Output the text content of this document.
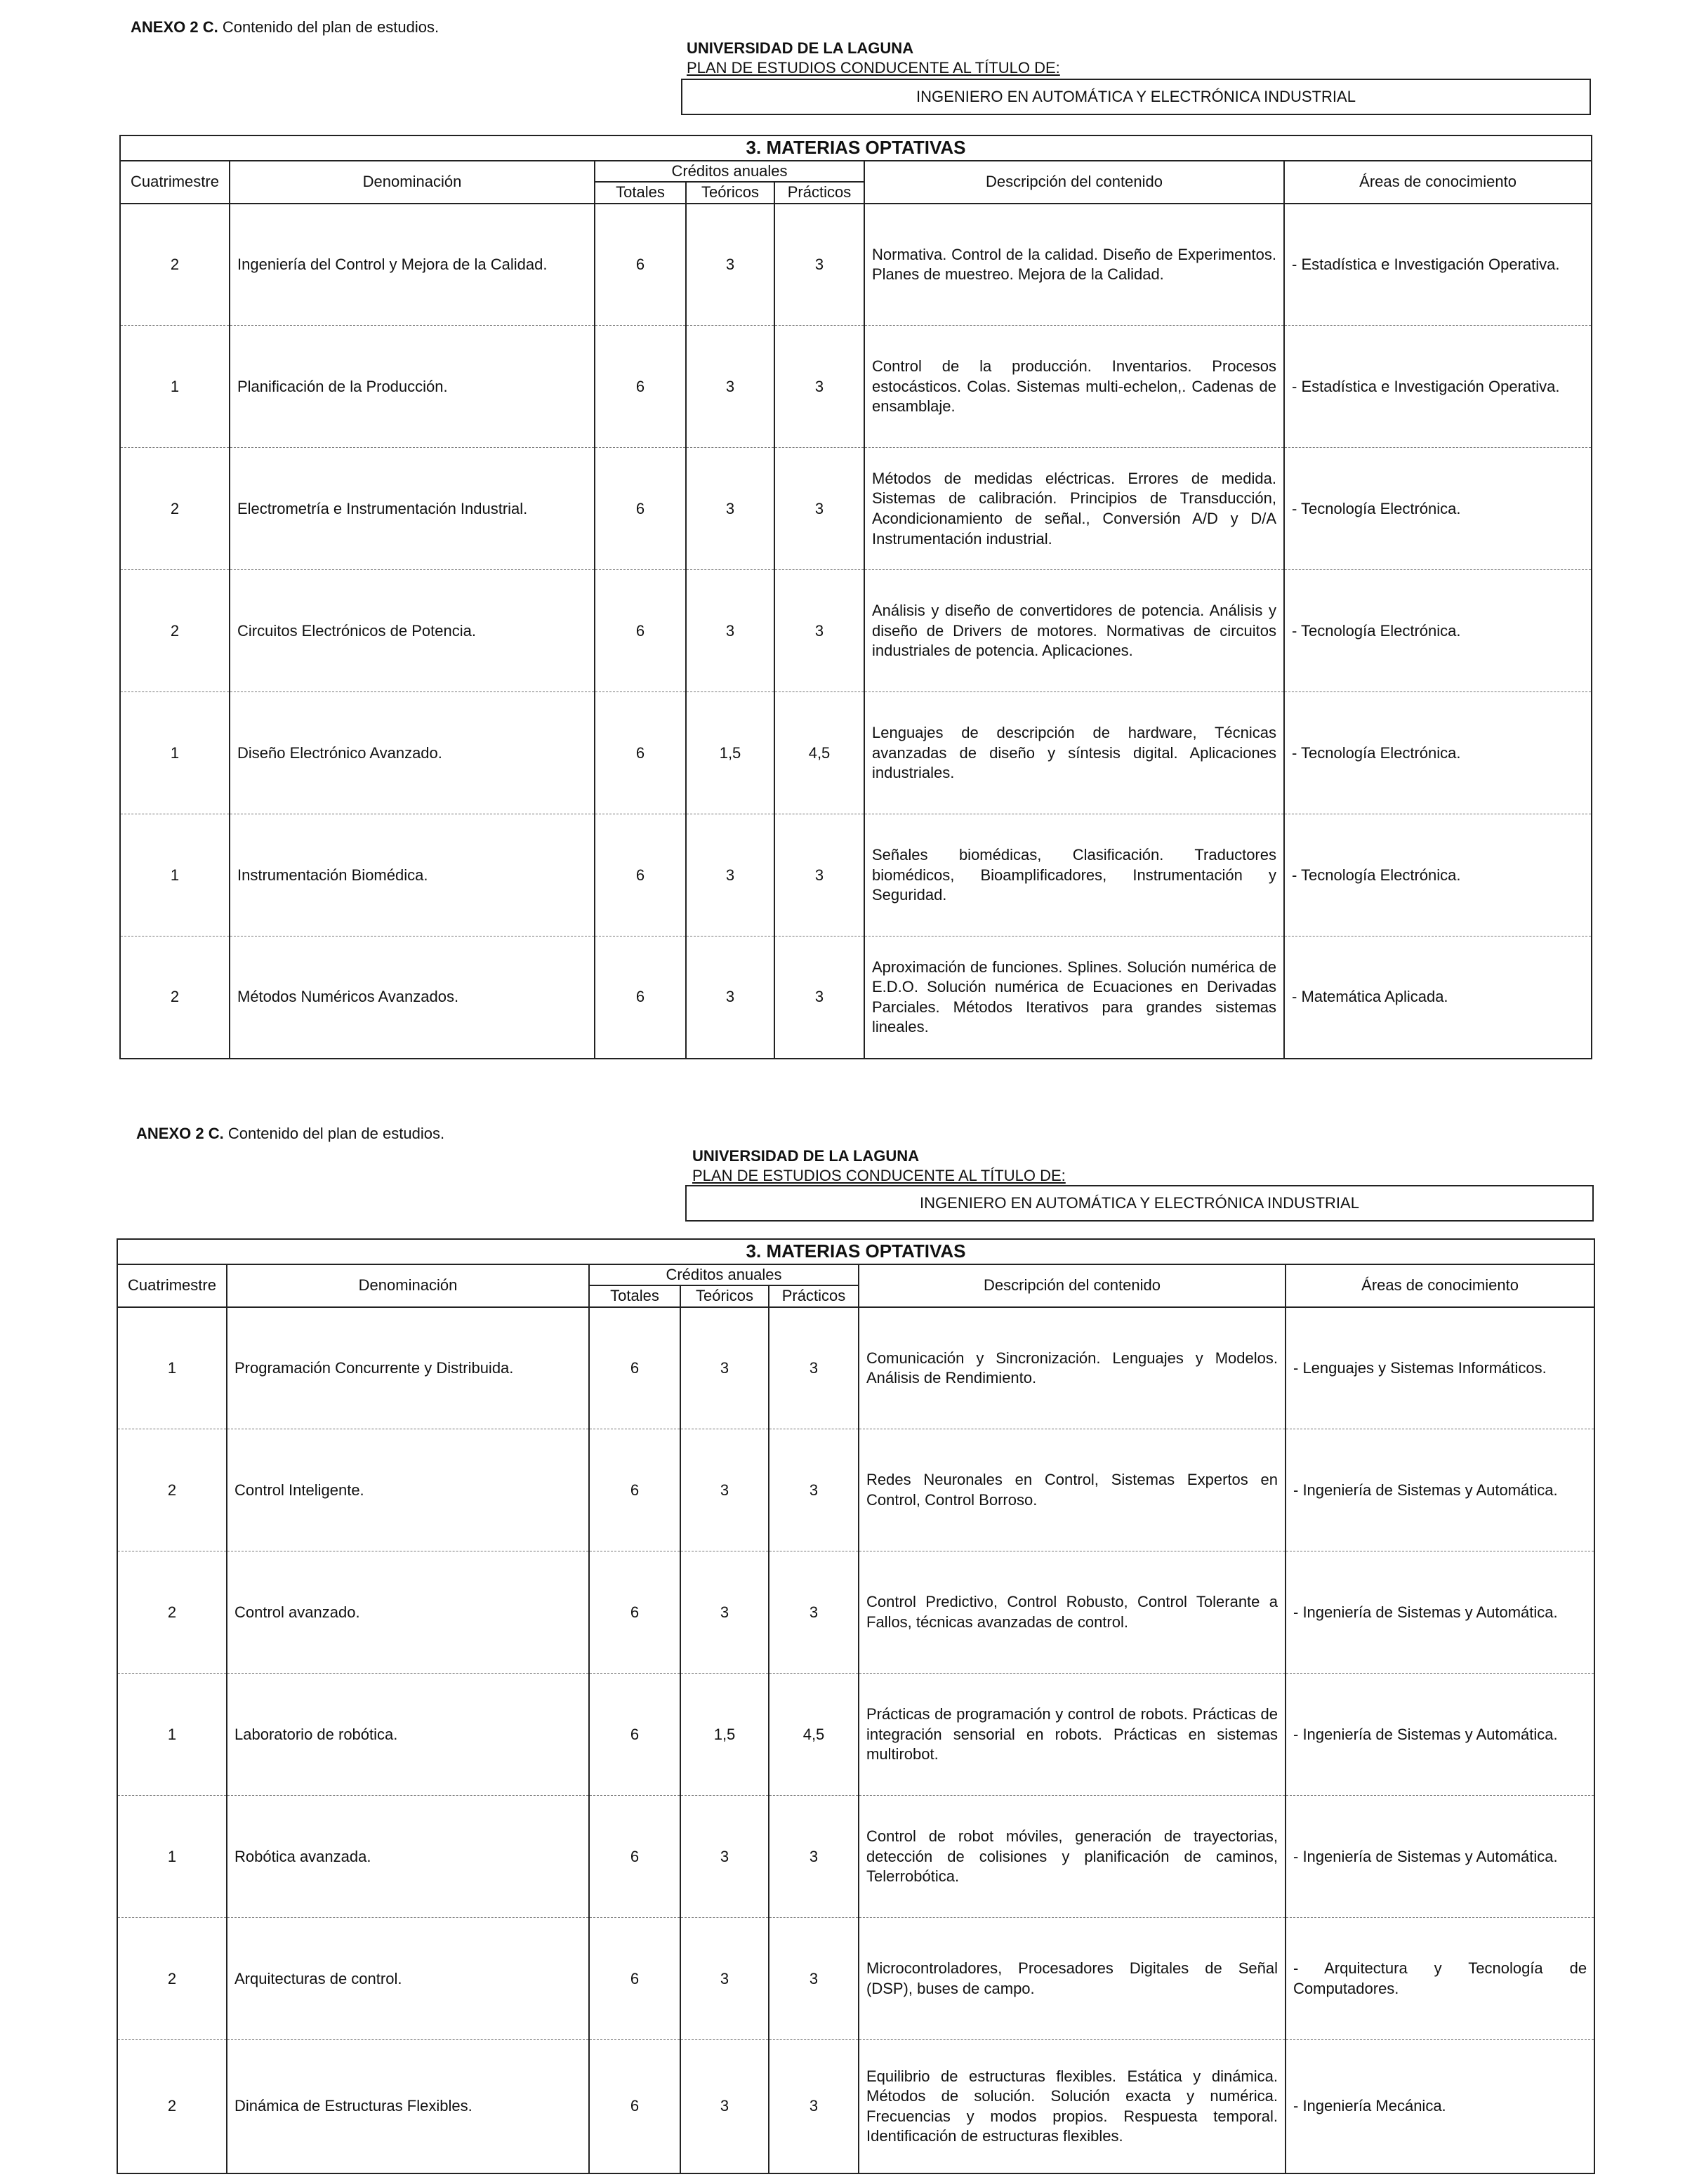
ANEXO 2 C. Contenido del plan de estudios.
UNIVERSIDAD DE LA LAGUNA
PLAN DE ESTUDIOS CONDUCENTE AL TÍTULO DE:
INGENIERO EN AUTOMÁTICA Y ELECTRÓNICA INDUSTRIAL
3. MATERIAS OPTATIVAS						
Cuatrimestre	Denominación	Créditos anuales			Descripción del contenido	Áreas de conocimiento
		Totales	Teóricos	Prácticos		
2	Ingeniería del Control y Mejora de la Calidad.	6	3	3	Normativa. Control de la calidad. Diseño de Experimentos. Planes de muestreo. Mejora de la Calidad.	- Estadística e Investigación Operativa.
1	Planificación de la Producción.	6	3	3	Control de la producción. Inventarios. Procesos estocásticos. Colas. Sistemas multi-echelon,. Cadenas de ensamblaje.	- Estadística e Investigación Operativa.
2	Electrometría e Instrumentación Industrial.	6	3	3	Métodos de medidas eléctricas. Errores de medida. Sistemas de calibración. Principios de Transducción, Acondicionamiento de señal., Conversión A/D y D/A Instrumentación industrial.	- Tecnología Electrónica.
2	Circuitos Electrónicos de Potencia.	6	3	3	Análisis y diseño de convertidores de potencia. Análisis y diseño de Drivers de motores. Normativas de circuitos industriales de potencia. Aplicaciones.	- Tecnología Electrónica.
1	Diseño Electrónico Avanzado.	6	1,5	4,5	Lenguajes de descripción de hardware, Técnicas avanzadas de diseño y síntesis digital. Aplicaciones industriales.	- Tecnología Electrónica.
1	Instrumentación Biomédica.	6	3	3	Señales biomédicas, Clasificación. Traductores biomédicos, Bioamplificadores, Instrumentación y Seguridad.	- Tecnología Electrónica.
2	Métodos Numéricos Avanzados.	6	3	3	Aproximación de funciones. Splines. Solución numérica de E.D.O. Solución numérica de Ecuaciones en Derivadas Parciales. Métodos Iterativos para grandes sistemas lineales.	- Matemática Aplicada.
ANEXO 2 C. Contenido del plan de estudios.
UNIVERSIDAD DE LA LAGUNA
PLAN DE ESTUDIOS CONDUCENTE AL TÍTULO DE:
INGENIERO EN AUTOMÁTICA Y ELECTRÓNICA INDUSTRIAL
3. MATERIAS OPTATIVAS						
Cuatrimestre	Denominación	Créditos anuales			Descripción del contenido	Áreas de conocimiento
		Totales	Teóricos	Prácticos		
1	Programación Concurrente y Distribuida.	6	3	3	Comunicación y Sincronización. Lenguajes y Modelos. Análisis de Rendimiento.	- Lenguajes y Sistemas Informáticos.
2	Control Inteligente.	6	3	3	Redes Neuronales en Control, Sistemas Expertos en Control, Control Borroso.	- Ingeniería de Sistemas y Automática.
2	Control avanzado.	6	3	3	Control Predictivo, Control Robusto, Control Tolerante a Fallos, técnicas avanzadas de control.	- Ingeniería de Sistemas y Automática.
1	Laboratorio de robótica.	6	1,5	4,5	Prácticas de programación y control de robots. Prácticas de integración sensorial en robots. Prácticas en sistemas multirobot.	- Ingeniería de Sistemas y Automática.
1	Robótica avanzada.	6	3	3	Control de robot móviles, generación de trayectorias, detección de colisiones y planificación de caminos, Telerrobótica.	- Ingeniería de Sistemas y Automática.
2	Arquitecturas de control.	6	3	3	Microcontroladores, Procesadores Digitales de Señal (DSP), buses de campo.	- Arquitectura y Tecnología de Computadores.
2	Dinámica de Estructuras Flexibles.	6	3	3	Equilibrio de estructuras flexibles. Estática y dinámica. Métodos de solución. Solución exacta y numérica. Frecuencias y modos propios. Respuesta temporal. Identificación de estructuras flexibles.	- Ingeniería Mecánica.
